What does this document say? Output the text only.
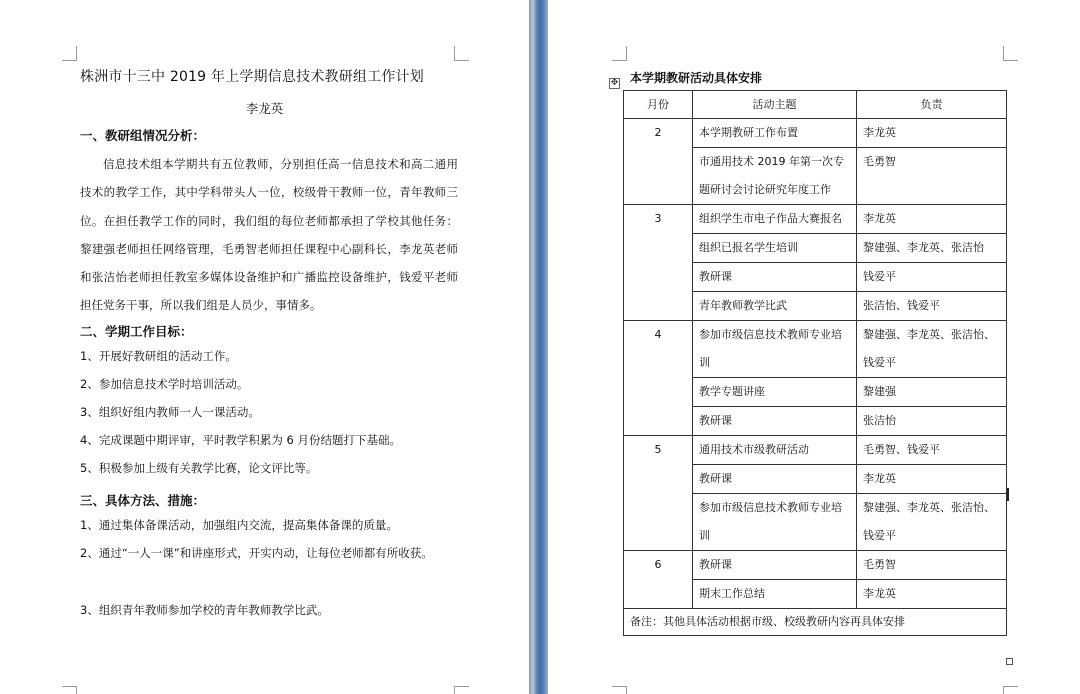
株洲市十三中 2019 年上学期信息技术教研组工作计划
李龙英
一、教研组情况分析：
信息技术组本学期共有五位教师，分别担任高一信息技术和高二通用技术的教学工作，其中学科带头人一位，校级骨干教师一位，青年教师三位。在担任教学工作的同时，我们组的每位老师都承担了学校其他任务：黎建强老师担任网络管理，毛勇智老师担任课程中心副科长，李龙英老师和张洁怡老师担任教室多媒体设备维护和广播监控设备维护，钱爱平老师担任党务干事，所以我们组是人员少，事情多。
二、学期工作目标：
1、开展好教研组的活动工作。
2、参加信息技术学时培训活动。
3、组织好组内教师一人一课活动。
4、完成课题中期评审，平时教学积累为 6 月份结题打下基础。
5、积极参加上级有关教学比赛，论文评比等。
三、具体方法、措施：
1、通过集体备课活动，加强组内交流，提高集体备课的质量。
2、通过“一人一课”和讲座形式，开实内动，让每位老师都有所收获。
3、组织青年教师参加学校的青年教师教学比武。
✥ 本学期教研活动具体安排
月份	活动主题	负责
2	本学期教研工作布置	李龙英
	市通用技术 2019 年第一次专题研讨会讨论研究年度工作	毛勇智
3	组织学生市电子作品大赛报名	李龙英
	组织已报名学生培训	黎建强、李龙英、张洁怡
	教研课	钱爱平
	青年教师教学比武	张洁怡、钱爱平
4	参加市级信息技术教师专业培训	黎建强、李龙英、张洁怡、钱爱平
	教学专题讲座	黎建强
	教研课	张洁怡
5	通用技术市级教研活动	毛勇智、钱爱平
	教研课	李龙英
	参加市级信息技术教师专业培训	黎建强、李龙英、张洁怡、钱爱平
6	教研课	毛勇智
	期末工作总结	李龙英
备注：其他具体活动根据市级、校级教研内容再具体安排		
